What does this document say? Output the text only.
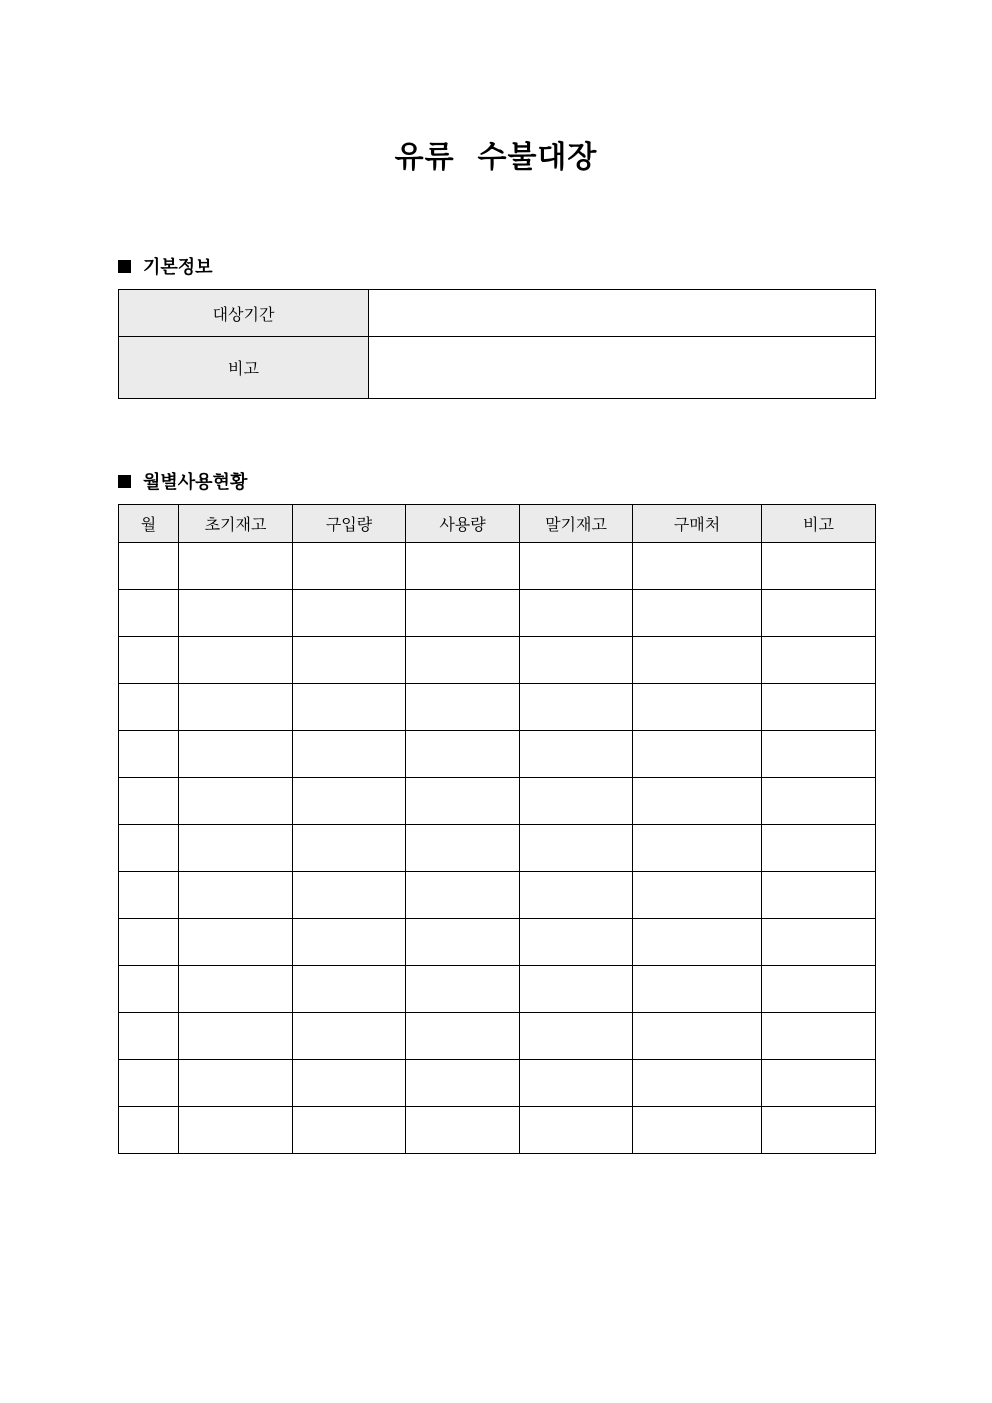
유류  수불대장
기본정보
대상기간	
비고	
월별사용현황
월	초기재고	구입량	사용량	말기재고	구매처	비고
